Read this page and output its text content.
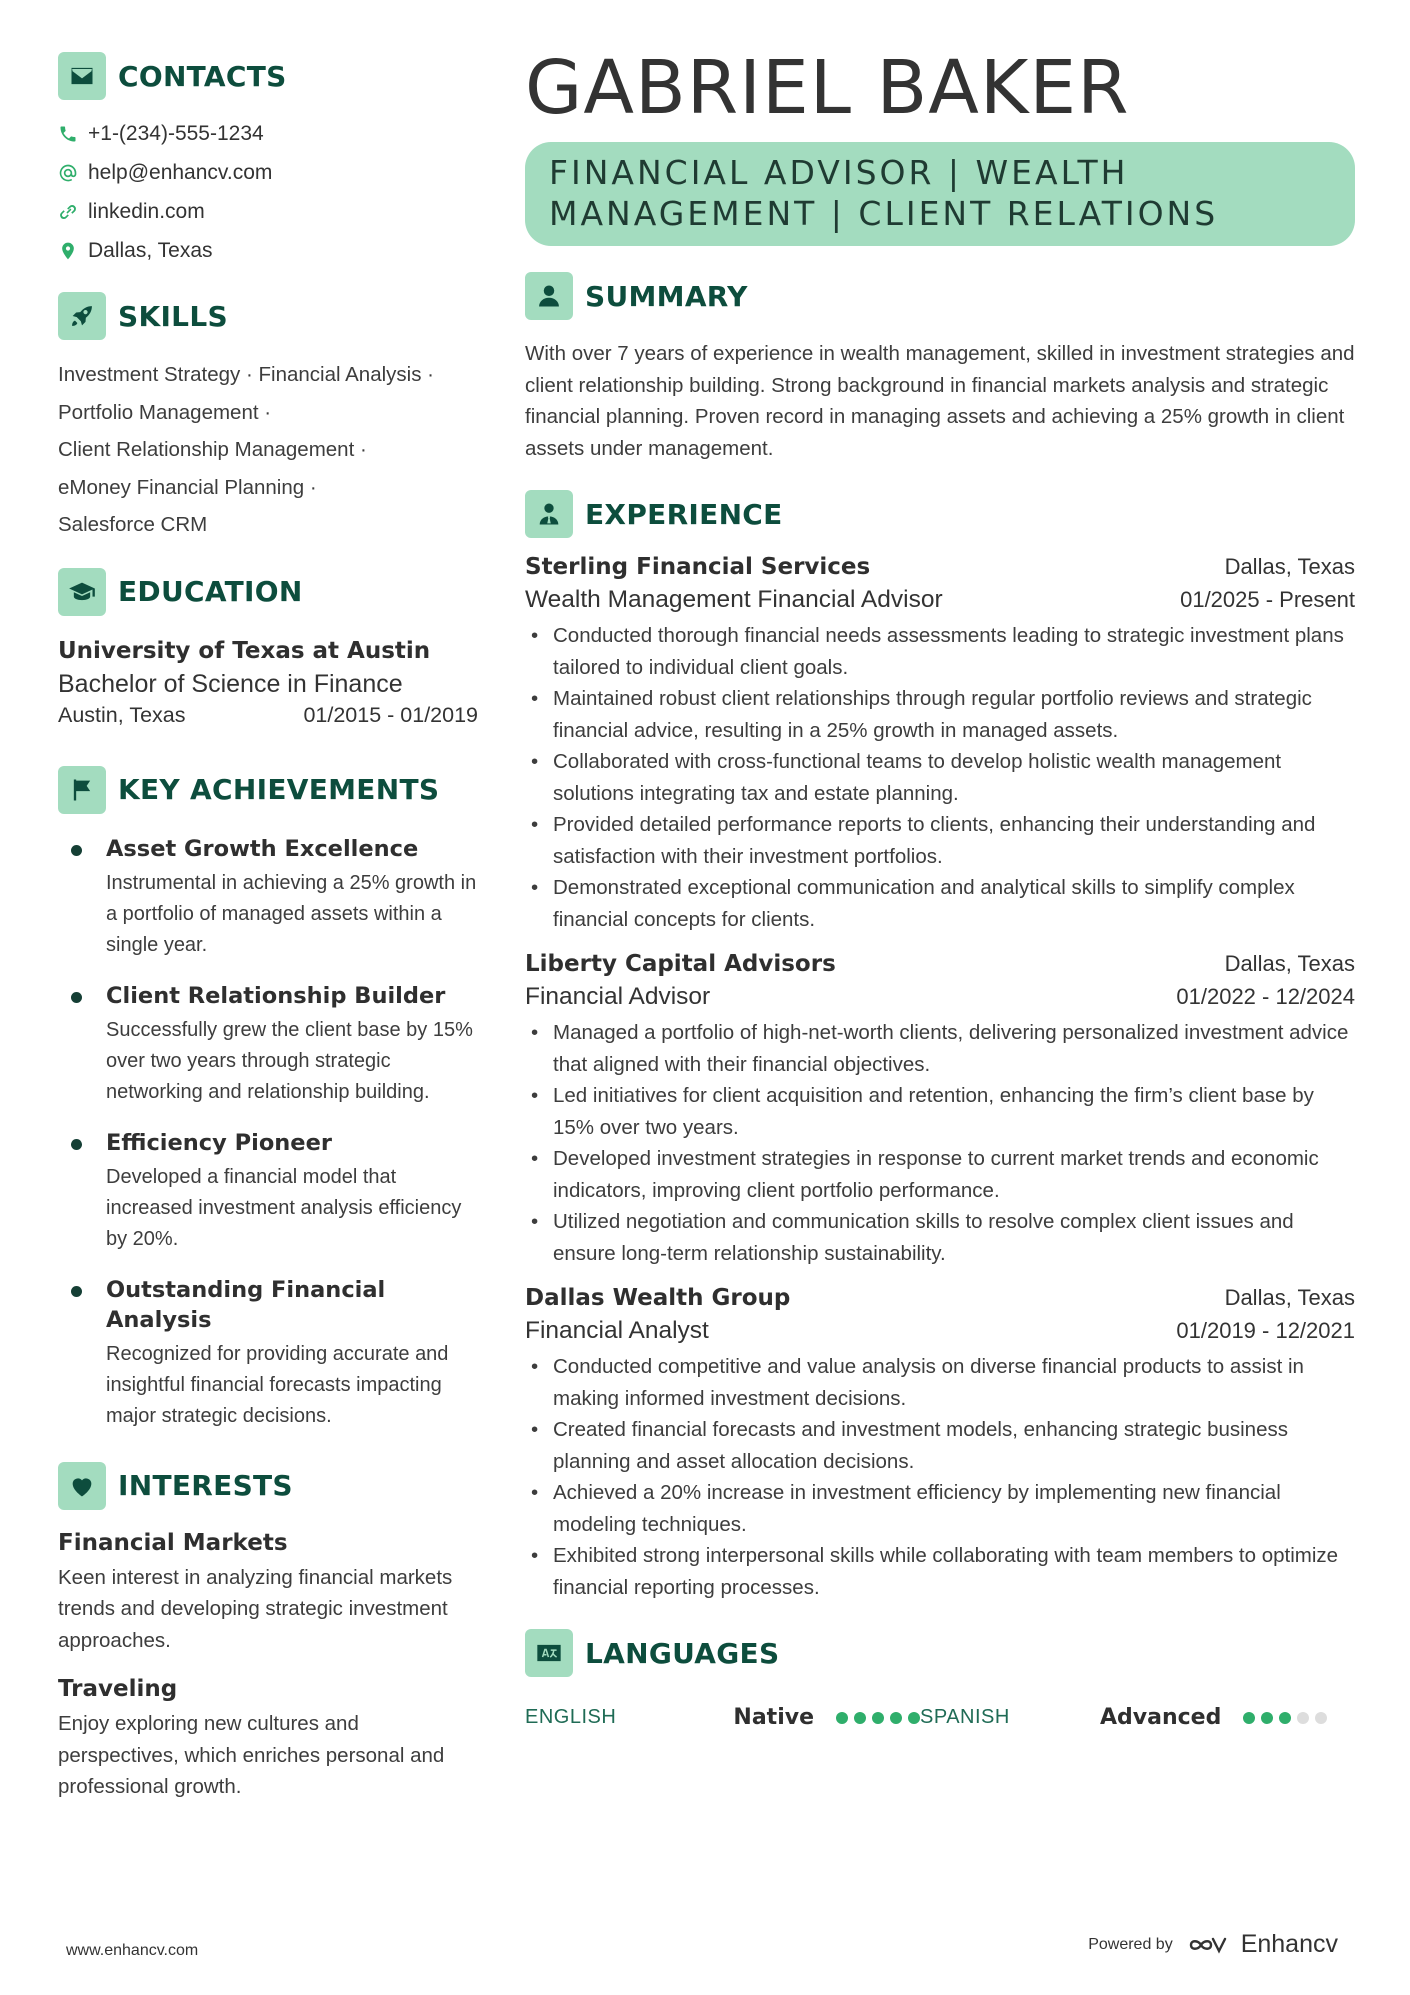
CONTACTS
+1-(234)-555-1234
help@enhancv.com
linkedin.com
Dallas, Texas
SKILLS
Investment Strategy · Financial Analysis ·
Portfolio Management ·
Client Relationship Management ·
eMoney Financial Planning ·
Salesforce CRM
EDUCATION
University of Texas at Austin
Bachelor of Science in Finance
Austin, Texas	01/2015 - 01/2019
KEY ACHIEVEMENTS
Asset Growth Excellence
Instrumental in achieving a 25% growth in a portfolio of managed assets within a single year.
Client Relationship Builder
Successfully grew the client base by 15% over two years through strategic networking and relationship building.
Efficiency Pioneer
Developed a financial model that increased investment analysis efficiency by 20%.
Outstanding Financial Analysis
Recognized for providing accurate and insightful financial forecasts impacting major strategic decisions.
INTERESTS
Financial Markets
Keen interest in analyzing financial markets trends and developing strategic investment approaches.
Traveling
Enjoy exploring new cultures and perspectives, which enriches personal and professional growth.
GABRIEL BAKER
FINANCIAL ADVISOR | WEALTH
MANAGEMENT | CLIENT RELATIONS
SUMMARY

With over 7 years of experience in wealth management, skilled in investment strategies and client relationship building. Strong background in financial markets analysis and strategic financial planning. Proven record in managing assets and achieving a 25% growth in client assets under management.

EXPERIENCE
Sterling Financial Services	Dallas, Texas
Wealth Management Financial Advisor	01/2025 - Present
• Conducted thorough financial needs assessments leading to strategic investment plans tailored to individual client goals.
• Maintained robust client relationships through regular portfolio reviews and strategic financial advice, resulting in a 25% growth in managed assets.
• Collaborated with cross-functional teams to develop holistic wealth management solutions integrating tax and estate planning.
• Provided detailed performance reports to clients, enhancing their understanding and satisfaction with their investment portfolios.
• Demonstrated exceptional communication and analytical skills to simplify complex financial concepts for clients.
Liberty Capital Advisors	Dallas, Texas
Financial Advisor	01/2022 - 12/2024
• Managed a portfolio of high-net-worth clients, delivering personalized investment advice that aligned with their financial objectives.
• Led initiatives for client acquisition and retention, enhancing the firm’s client base by 15% over two years.
• Developed investment strategies in response to current market trends and economic indicators, improving client portfolio performance.
• Utilized negotiation and communication skills to resolve complex client issues and ensure long-term relationship sustainability.
Dallas Wealth Group	Dallas, Texas
Financial Analyst	01/2019 - 12/2021
• Conducted competitive and value analysis on diverse financial products to assist in making informed investment decisions.
• Created financial forecasts and investment models, enhancing strategic business planning and asset allocation decisions.
• Achieved a 20% increase in investment efficiency by implementing new financial modeling techniques.
• Exhibited strong interpersonal skills while collaborating with team members to optimize financial reporting processes.
LANGUAGES
ENGLISH	Native	SPANISH	Advanced
www.enhancv.com	Powered by	Enhancv
